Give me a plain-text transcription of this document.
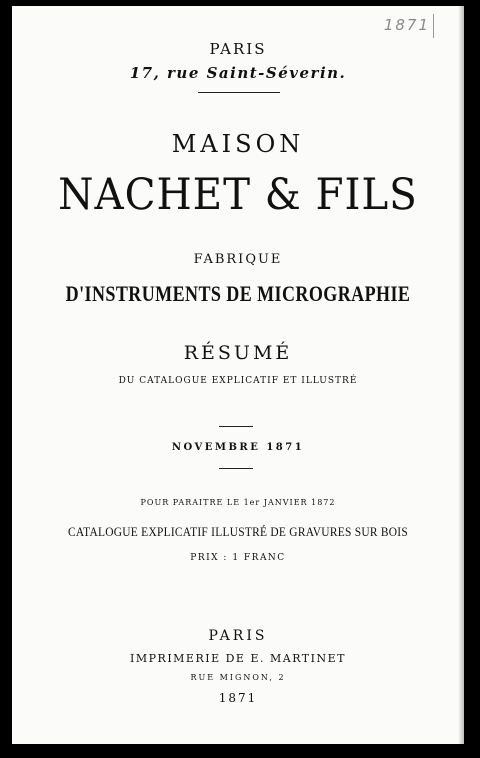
1871
PARIS
17, rue Saint-Séverin.
MAISON
NACHET & FILS
FABRIQUE
D'INSTRUMENTS DE MICROGRAPHIE
RÉSUMÉ
DU CATALOGUE EXPLICATIF ET ILLUSTRÉ
NOVEMBRE 1871
POUR PARAITRE LE 1er JANVIER 1872
CATALOGUE EXPLICATIF ILLUSTRÉ DE GRAVURES SUR BOIS
PRIX : 1 FRANC
PARIS
IMPRIMERIE DE E. MARTINET
RUE MIGNON, 2
1871
